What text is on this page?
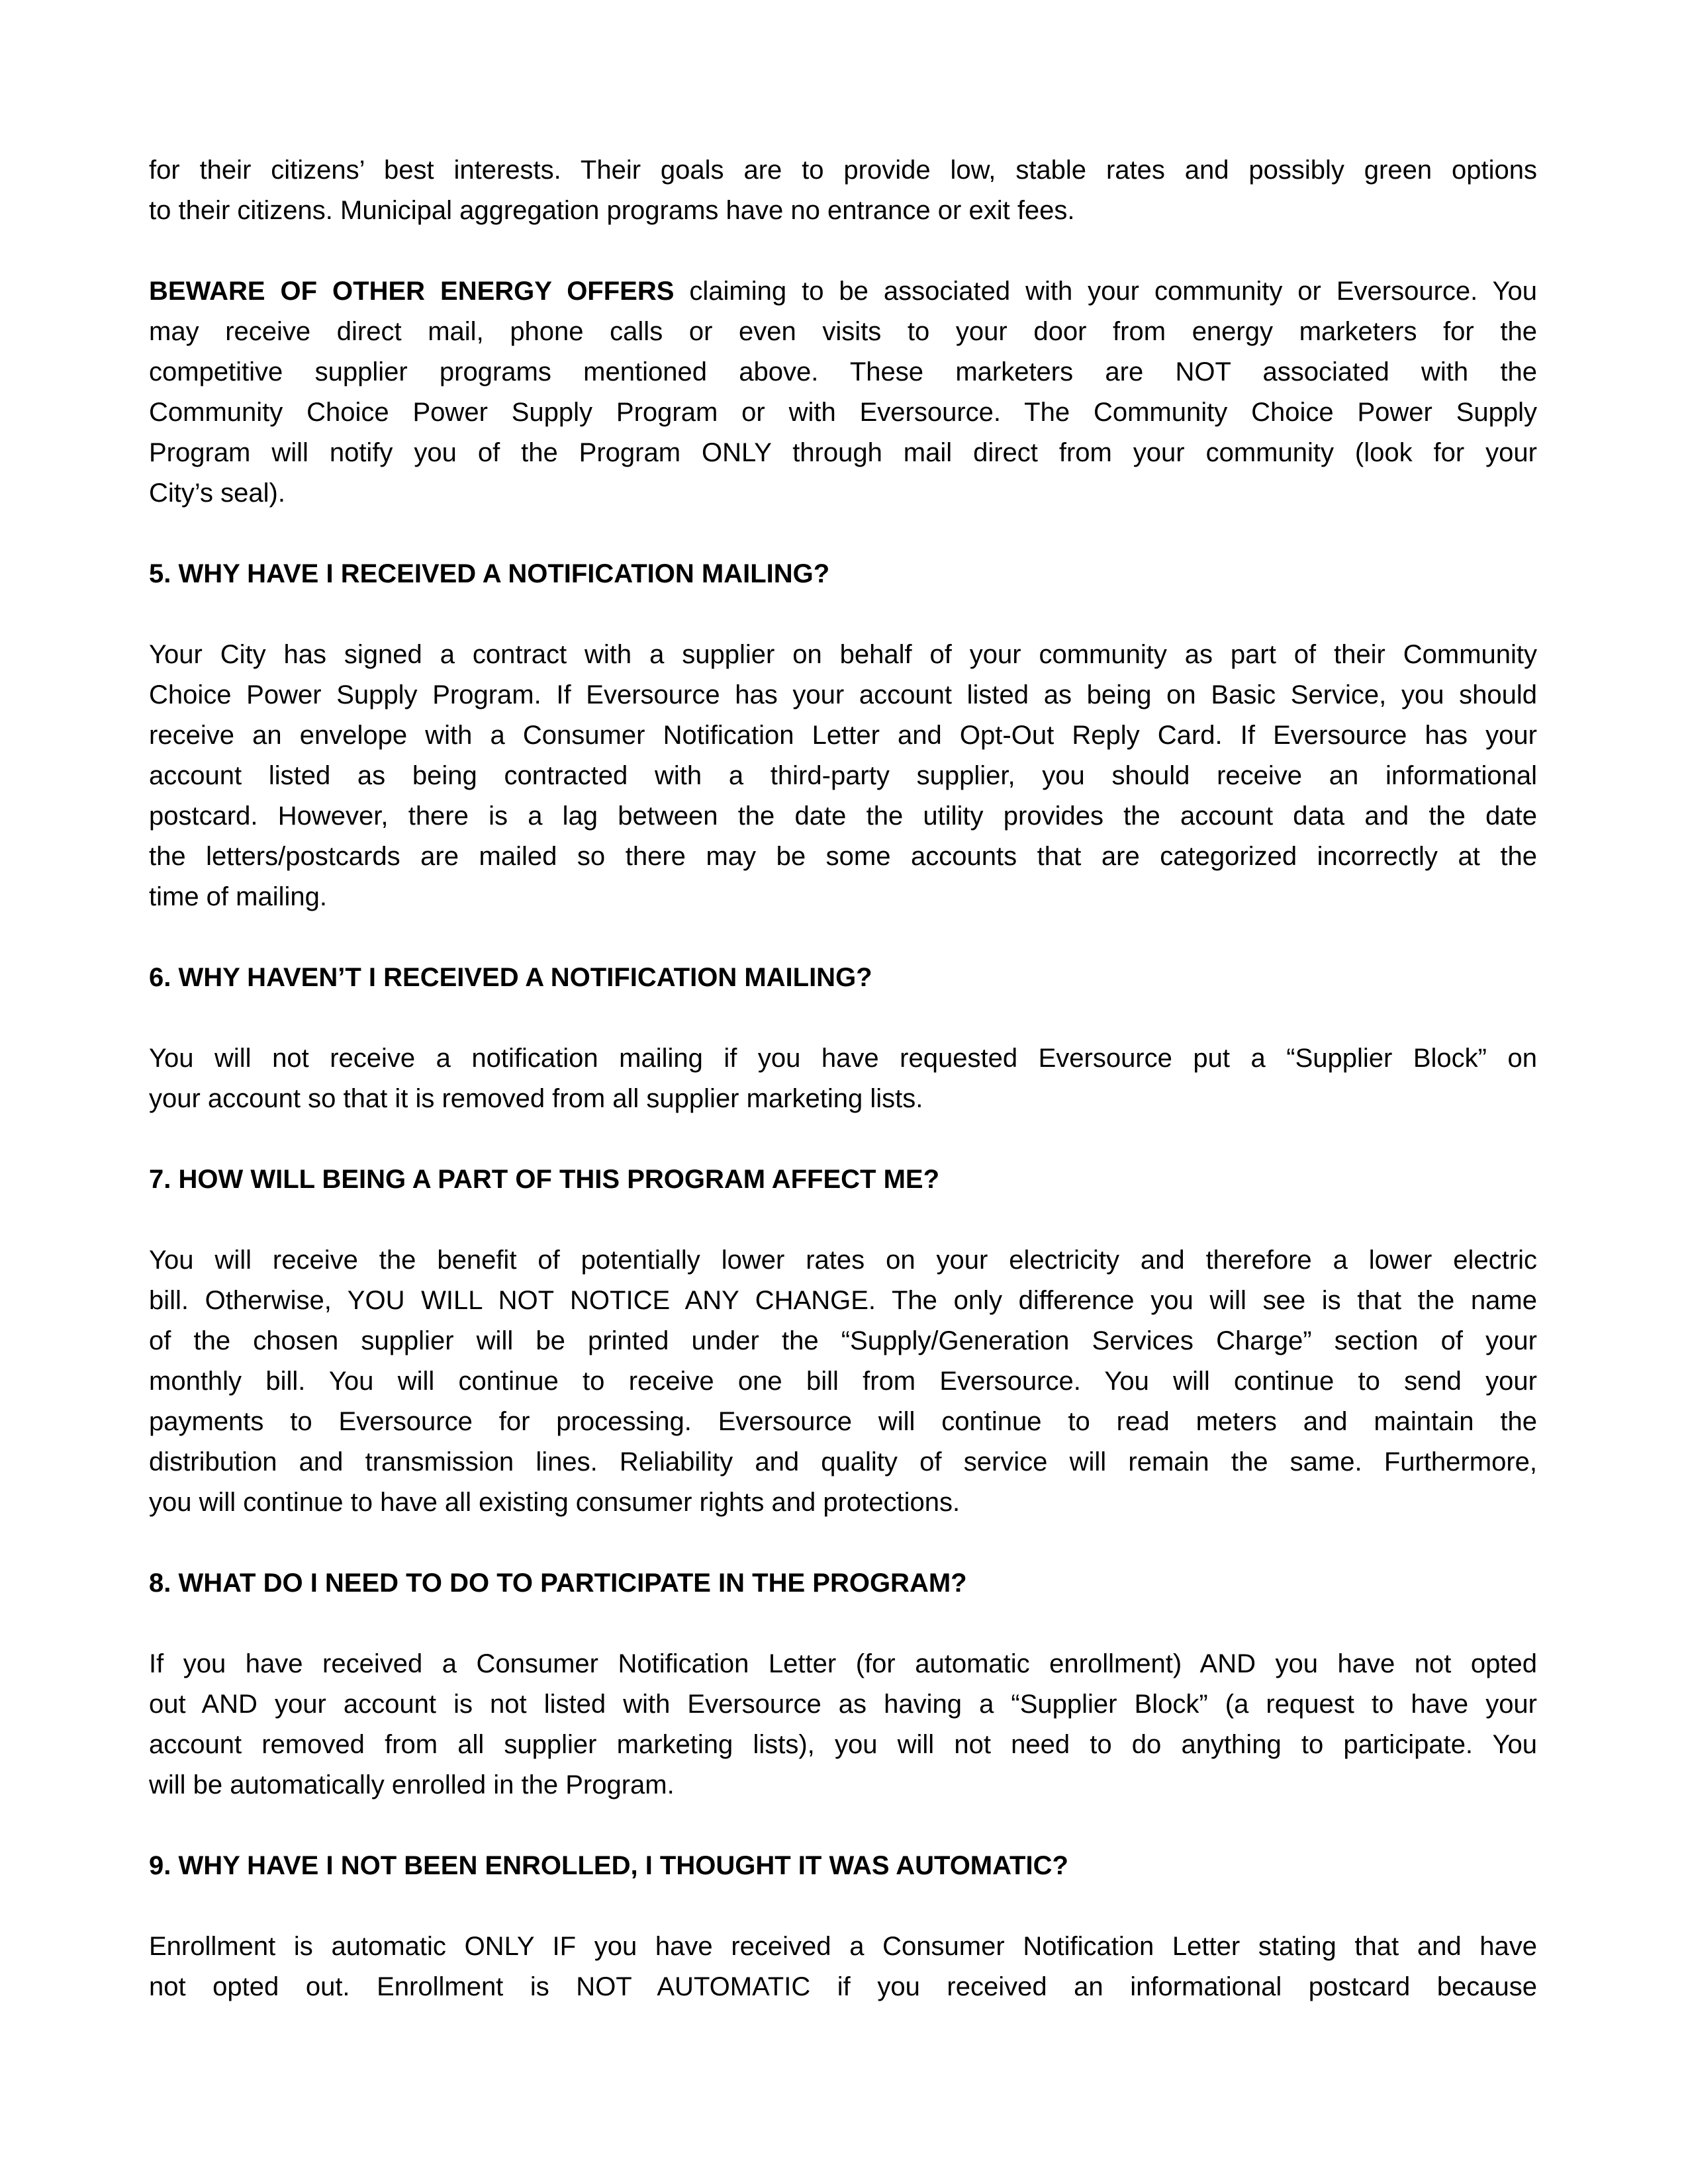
for their citizens’ best interests. Their goals are to provide low, stable rates and possibly green options
to their citizens. Municipal aggregation programs have no entrance or exit fees.
BEWARE OF OTHER ENERGY OFFERS claiming to be associated with your community or Eversource. You
may receive direct mail, phone calls or even visits to your door from energy marketers for the
competitive supplier programs mentioned above. These marketers are NOT associated with the
Community Choice Power Supply Program or with Eversource. The Community Choice Power Supply
Program will notify you of the Program ONLY through mail direct from your community (look for your
City’s seal).
5. WHY HAVE I RECEIVED A NOTIFICATION MAILING?
Your City has signed a contract with a supplier on behalf of your community as part of their Community
Choice Power Supply Program. If Eversource has your account listed as being on Basic Service, you should
receive an envelope with a Consumer Notification Letter and Opt-Out Reply Card. If Eversource has your
account listed as being contracted with a third-party supplier, you should receive an informational
postcard. However, there is a lag between the date the utility provides the account data and the date
the letters/postcards are mailed so there may be some accounts that are categorized incorrectly at the
time of mailing.
6. WHY HAVEN’T I RECEIVED A NOTIFICATION MAILING?
You will not receive a notification mailing if you have requested Eversource put a “Supplier Block” on
your account so that it is removed from all supplier marketing lists.
7. HOW WILL BEING A PART OF THIS PROGRAM AFFECT ME?
You will receive the benefit of potentially lower rates on your electricity and therefore a lower electric
bill. Otherwise, YOU WILL NOT NOTICE ANY CHANGE. The only difference you will see is that the name
of the chosen supplier will be printed under the “Supply/Generation Services Charge” section of your
monthly bill. You will continue to receive one bill from Eversource. You will continue to send your
payments to Eversource for processing. Eversource will continue to read meters and maintain the
distribution and transmission lines. Reliability and quality of service will remain the same. Furthermore,
you will continue to have all existing consumer rights and protections.
8. WHAT DO I NEED TO DO TO PARTICIPATE IN THE PROGRAM?
If you have received a Consumer Notification Letter (for automatic enrollment) AND you have not opted
out AND your account is not listed with Eversource as having a “Supplier Block” (a request to have your
account removed from all supplier marketing lists), you will not need to do anything to participate. You
will be automatically enrolled in the Program.
9. WHY HAVE I NOT BEEN ENROLLED, I THOUGHT IT WAS AUTOMATIC?
Enrollment is automatic ONLY IF you have received a Consumer Notification Letter stating that and have
not opted out. Enrollment is NOT AUTOMATIC if you received an informational postcard because
